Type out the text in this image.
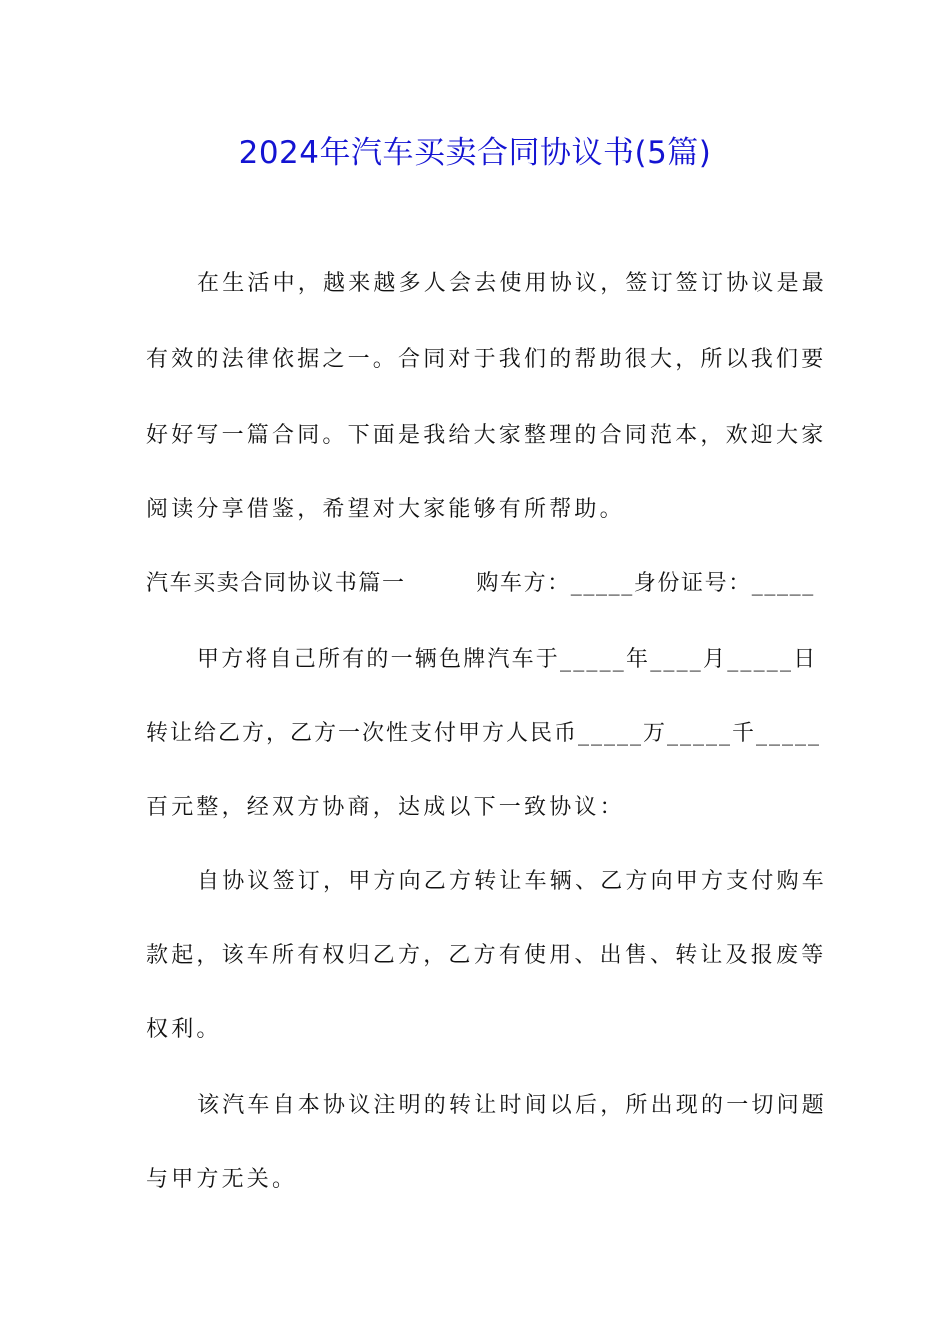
2024年汽车买卖合同协议书(5篇)
在生活中，越来越多人会去使用协议，签订签订协议是最
有效的法律依据之一。合同对于我们的帮助很大，所以我们要
好好写一篇合同。下面是我给大家整理的合同范本，欢迎大家
阅读分享借鉴，希望对大家能够有所帮助。
汽车买卖合同协议书篇一　　　购车方：_____身份证号：_____
甲方将自己所有的一辆色牌汽车于_____年____月_____日
转让给乙方，乙方一次性支付甲方人民币_____万_____千_____
百元整，经双方协商，达成以下一致协议：
自协议签订，甲方向乙方转让车辆、乙方向甲方支付购车
款起，该车所有权归乙方，乙方有使用、出售、转让及报废等
权利。
该汽车自本协议注明的转让时间以后，所出现的一切问题
与甲方无关。
